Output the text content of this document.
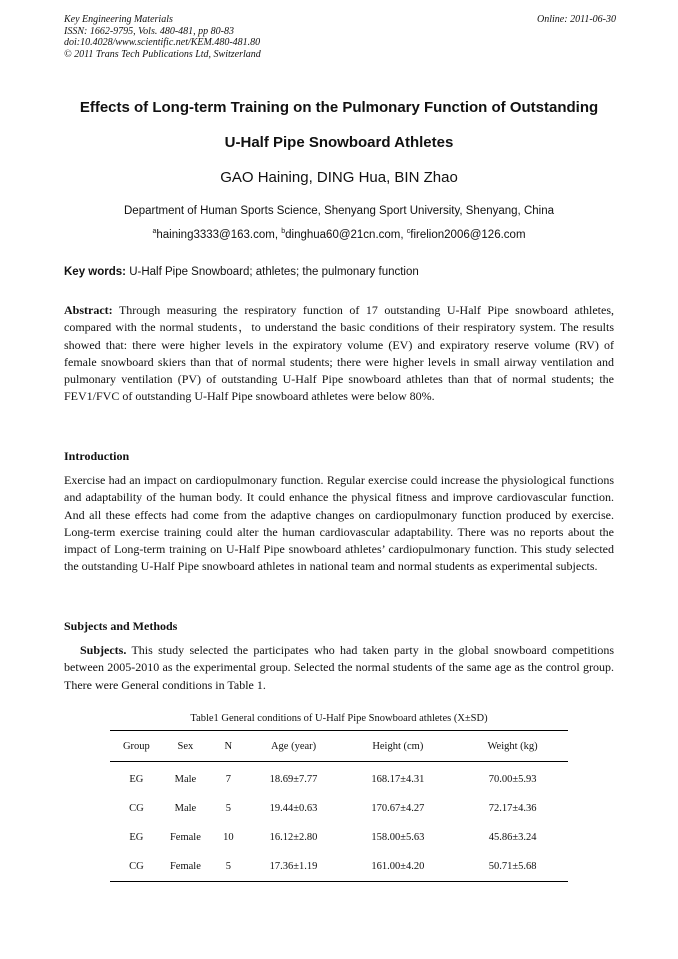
Key Engineering Materials
ISSN: 1662-9795, Vols. 480-481, pp 80-83
doi:10.4028/www.scientific.net/KEM.480-481.80
© 2011 Trans Tech Publications Ltd, Switzerland
Online: 2011-06-30
Effects of Long-term Training on the Pulmonary Function of Outstanding
U-Half Pipe Snowboard Athletes
GAO Haining, DING Hua, BIN Zhao
Department of Human Sports Science, Shenyang Sport University, Shenyang, China
$^a$haining3333@163.com, $^b$dinghua60@21cn.com, $^c$firelion2006@126.com
Key words: U-Half Pipe Snowboard; athletes; the pulmonary function
Abstract: Through measuring the respiratory function of 17 outstanding U-Half Pipe snowboard athletes, compared with the normal students，to understand the basic conditions of their respiratory system. The results showed that: there were higher levels in the expiratory volume (EV) and expiratory reserve volume (RV) of female snowboard skiers than that of normal students; there were higher levels in small airway ventilation and pulmonary ventilation (PV) of outstanding U-Half Pipe snowboard athletes than that of normal students; the FEV1/FVC of outstanding U-Half Pipe snowboard athletes were below 80%.
Introduction
Exercise had an impact on cardiopulmonary function. Regular exercise could increase the physiological functions and adaptability of the human body. It could enhance the physical fitness and improve cardiovascular function. And all these effects had come from the adaptive changes on cardiopulmonary function produced by exercise. Long-term exercise training could alter the human cardiovascular adaptability. There was no reports about the impact of Long-term training on U-Half Pipe snowboard athletes’ cardiopulmonary function. This study selected the outstanding U-Half Pipe snowboard athletes in national team and normal students as experimental subjects.
Subjects and Methods
Subjects. This study selected the participates who had taken party in the global snowboard competitions between 2005-2010 as the experimental group. Selected the normal students of the same age as the control group. There were General conditions in Table 1.
Table1 General conditions of U-Half Pipe Snowboard athletes (X±SD)
Group	Sex	N	Age (year)	Height (cm)	Weight (kg)
EG	Male	7	18.69±7.77	168.17±4.31	70.00±5.93
CG	Male	5	19.44±0.63	170.67±4.27	72.17±4.36
EG	Female	10	16.12±2.80	158.00±5.63	45.86±3.24
CG	Female	5	17.36±1.19	161.00±4.20	50.71±5.68
